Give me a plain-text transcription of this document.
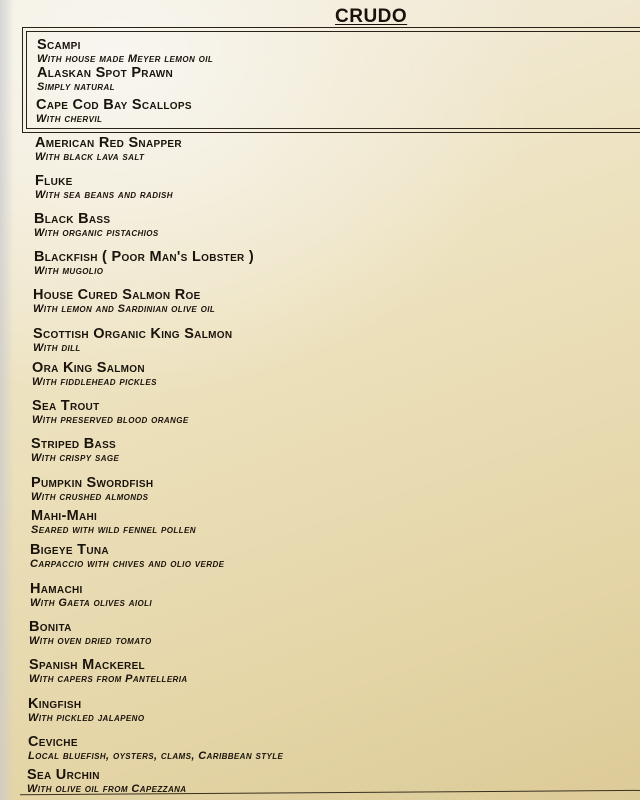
CRUDO
Scampi
With house made Meyer lemon oil
Alaskan Spot Prawn
Simply natural
Cape Cod Bay Scallops
With chervil
American Red Snapper
With black lava salt
Fluke
With sea beans and radish
Black Bass
With organic pistachios
Blackfish ( Poor Man's Lobster )
With mugolio
House Cured Salmon Roe
With lemon and Sardinian olive oil
Scottish Organic King Salmon
With dill
Ora King Salmon
With fiddlehead pickles
Sea Trout
With preserved blood orange
Striped Bass
With crispy sage
Pumpkin Swordfish
With crushed almonds
Mahi-Mahi
Seared with wild fennel pollen
Bigeye Tuna
Carpaccio with chives and olio verde
Hamachi
With Gaeta olives aioli
Bonita
With oven dried tomato
Spanish Mackerel
With capers from Pantelleria
Kingfish
With pickled jalapeno
Ceviche
Local bluefish, oysters, clams, Caribbean style
Sea Urchin
With olive oil from Capezzana
